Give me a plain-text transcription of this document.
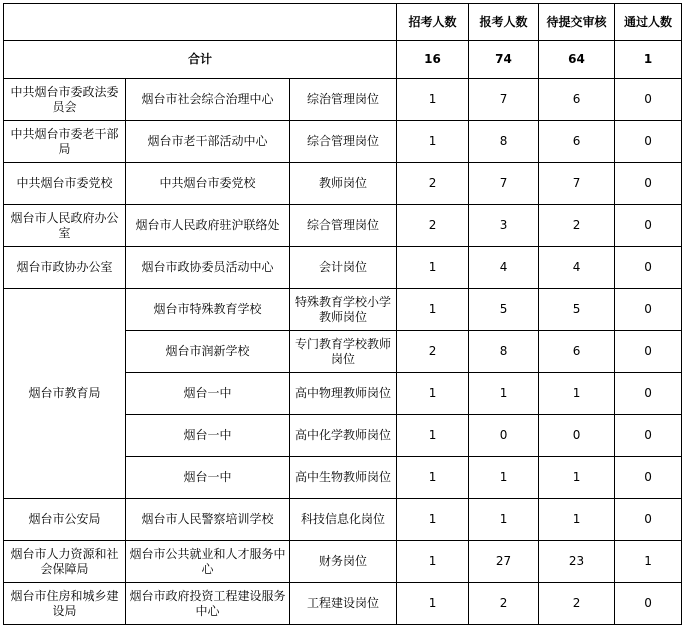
			招考人数	报考人数	待提交审核	通过人数
合计			16	74	64	1
中共烟台市委政法委员会	烟台市社会综合治理中心	综治管理岗位	1	7	6	0
中共烟台市委老干部局	烟台市老干部活动中心	综合管理岗位	1	8	6	0
中共烟台市委党校	中共烟台市委党校	教师岗位	2	7	7	0
烟台市人民政府办公室	烟台市人民政府驻沪联络处	综合管理岗位	2	3	2	0
烟台市政协办公室	烟台市政协委员活动中心	会计岗位	1	4	4	0
烟台市教育局	烟台市特殊教育学校	特殊教育学校小学教师岗位	1	5	5	0
	烟台市润新学校	专门教育学校教师岗位	2	8	6	0
	烟台一中	高中物理教师岗位	1	1	1	0
	烟台一中	高中化学教师岗位	1	0	0	0
	烟台一中	高中生物教师岗位	1	1	1	0
烟台市公安局	烟台市人民警察培训学校	科技信息化岗位	1	1	1	0
烟台市人力资源和社会保障局	烟台市公共就业和人才服务中心	财务岗位	1	27	23	1
烟台市住房和城乡建设局	烟台市政府投资工程建设服务中心	工程建设岗位	1	2	2	0
